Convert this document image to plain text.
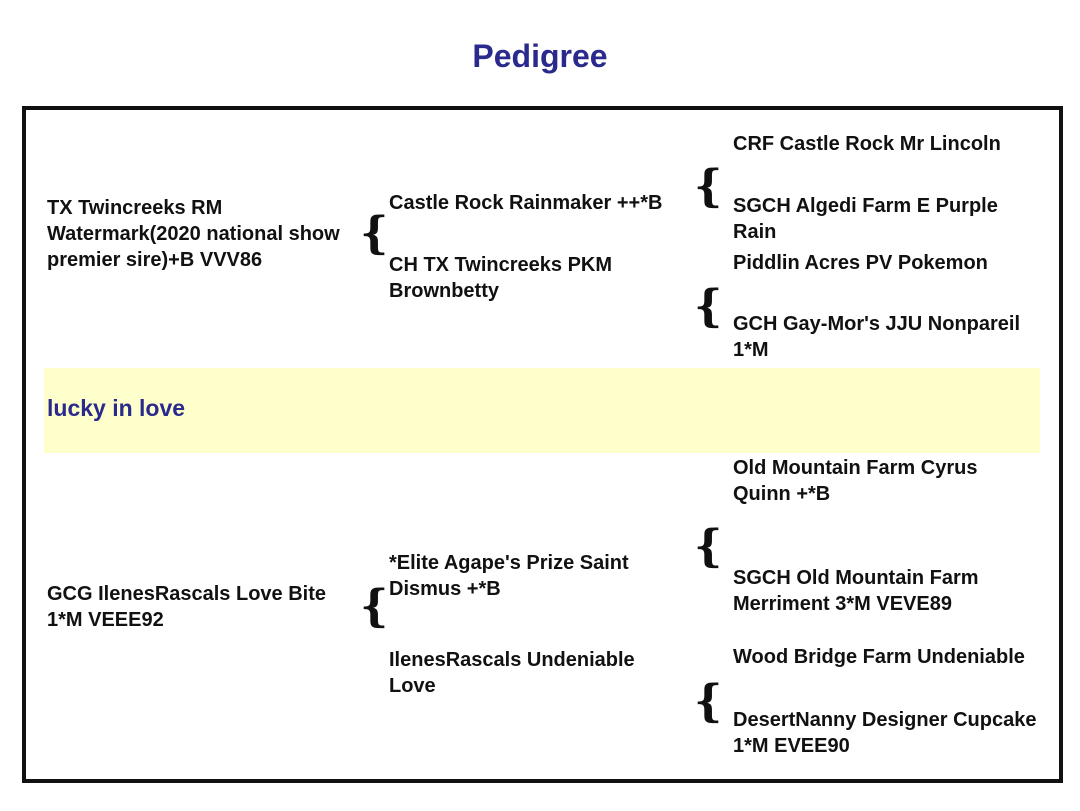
Pedigree
lucky in love
TX Twincreeks RM Watermark(2020 national show premier sire)+B VVV86
{
Castle Rock Rainmaker ++*B
CH TX Twincreeks PKM Brownbetty
{
CRF Castle Rock Mr Lincoln
SGCH Algedi Farm E Purple Rain
{
Piddlin Acres PV Pokemon
GCH Gay-Mor's JJU Nonpareil 1*M
GCG IlenesRascals Love Bite 1*M VEEE92	{
*Elite Agape's Prize Saint Dismus +*B
IlenesRascals Undeniable Love
{
Old Mountain Farm Cyrus Quinn +*B
SGCH Old Mountain Farm Merriment 3*M VEVE89
{
Wood Bridge Farm Undeniable
DesertNanny Designer Cupcake 1*M EVEE90
